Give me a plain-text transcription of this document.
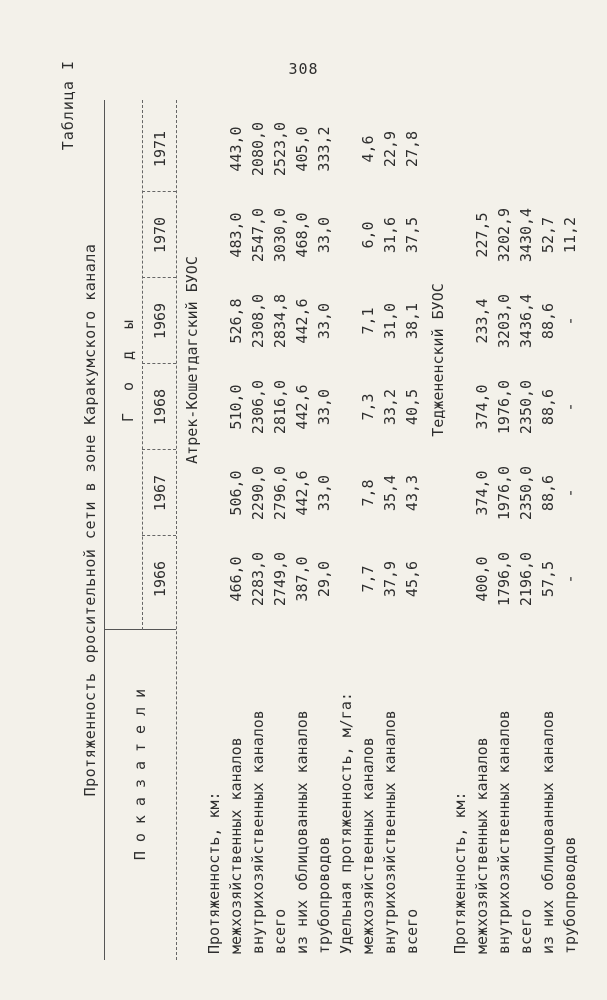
308
Таблица I
Протяженность оросительной сети в зоне Каракумского канала Показатели
Годы
1966
1967
1968
1969
1970
1971
Атрек-Кошетдагский БУОС
Протяженность, км: межхозяйственных каналов
466,0
506,0
510,0
526,8
483,0
443,0
внутрихозяйственных каналов
2283,0
2290,0
2306,0
2308,0
2547,0
2080,0
всего
2749,0
2796,0
2816,0
2834,8
3030,0
2523,0
из них облицованных каналов
387,0
442,6
442,6
442,6
468,0
405,0
трубопроводов
29,0
33,0
33,0
33,0
33,0
333,2
Удельная протяженность, м/га: межхозяйственных каналов
7,7
7,8
7,3
7,1
6,0
4,6
внутрихозяйственных каналов
37,9
35,4
33,2
31,0
31,6
22,9
всего
45,6
43,3
40,5
38,1
37,5
27,8
Теджененский БУОС
Протяженность, км: межхозяйственных каналов
400,0
374,0
374,0
233,4
227,5
внутрихозяйственных каналов
1796,0
1976,0
1976,0
3203,0
3202,9
всего
2196,0
2350,0
2350,0
3436,4
3430,4
из них облицованных каналов
57,5
88,6
88,6
88,6
52,7
трубопроводов
-
-
-
-
11,2
